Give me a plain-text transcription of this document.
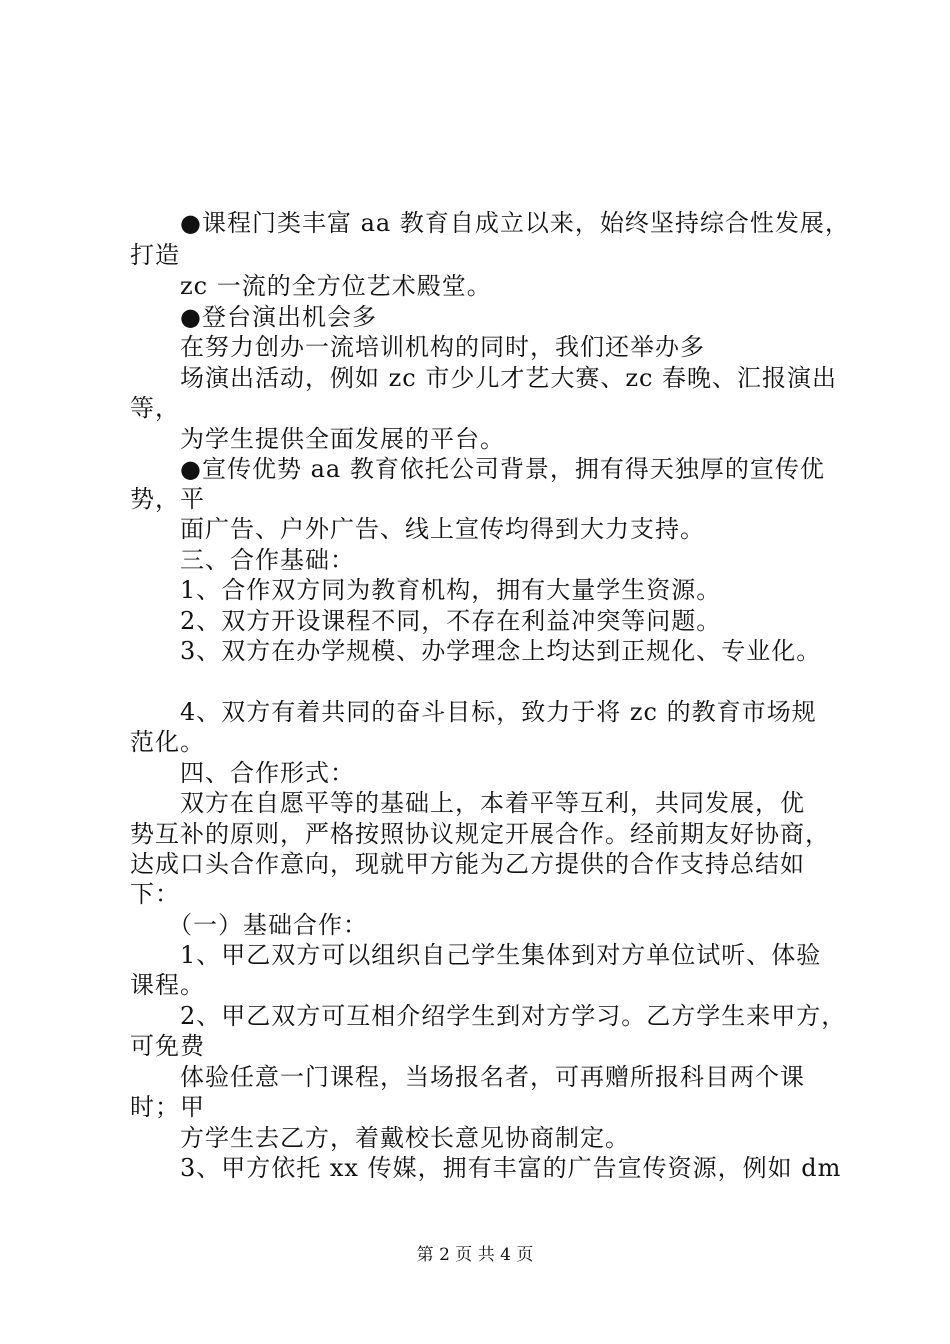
　　●课程门类丰富 aa 教育自成立以来，始终坚持综合性发展，
打造
　　zc 一流的全方位艺术殿堂。
　　●登台演出机会多
　　在努力创办一流培训机构的同时，我们还举办多
　　场演出活动，例如 zc 市少儿才艺大赛、zc 春晚、汇报演出
等，
　　为学生提供全面发展的平台。
　　●宣传优势 aa 教育依托公司背景，拥有得天独厚的宣传优
势，平
　　面广告、户外广告、线上宣传均得到大力支持。
　　三、合作基础：
　　1、合作双方同为教育机构，拥有大量学生资源。
　　2、双方开设课程不同，不存在利益冲突等问题。
　　3、双方在办学规模、办学理念上均达到正规化、专业化。
　　4、双方有着共同的奋斗目标，致力于将 zc 的教育市场规
范化。
　　四、合作形式：
　　双方在自愿平等的基础上，本着平等互利，共同发展，优
势互补的原则，严格按照协议规定开展合作。经前期友好协商，
达成口头合作意向，现就甲方能为乙方提供的合作支持总结如
下：
　　（一）基础合作：
　　1、甲乙双方可以组织自己学生集体到对方单位试听、体验
课程。
　　2、甲乙双方可互相介绍学生到对方学习。乙方学生来甲方，
可免费
　　体验任意一门课程，当场报名者，可再赠所报科目两个课
时；甲
　　方学生去乙方，着戴校长意见协商制定。
　　3、甲方依托 xx 传媒，拥有丰富的广告宣传资源，例如 dm
第 2 页 共 4 页
